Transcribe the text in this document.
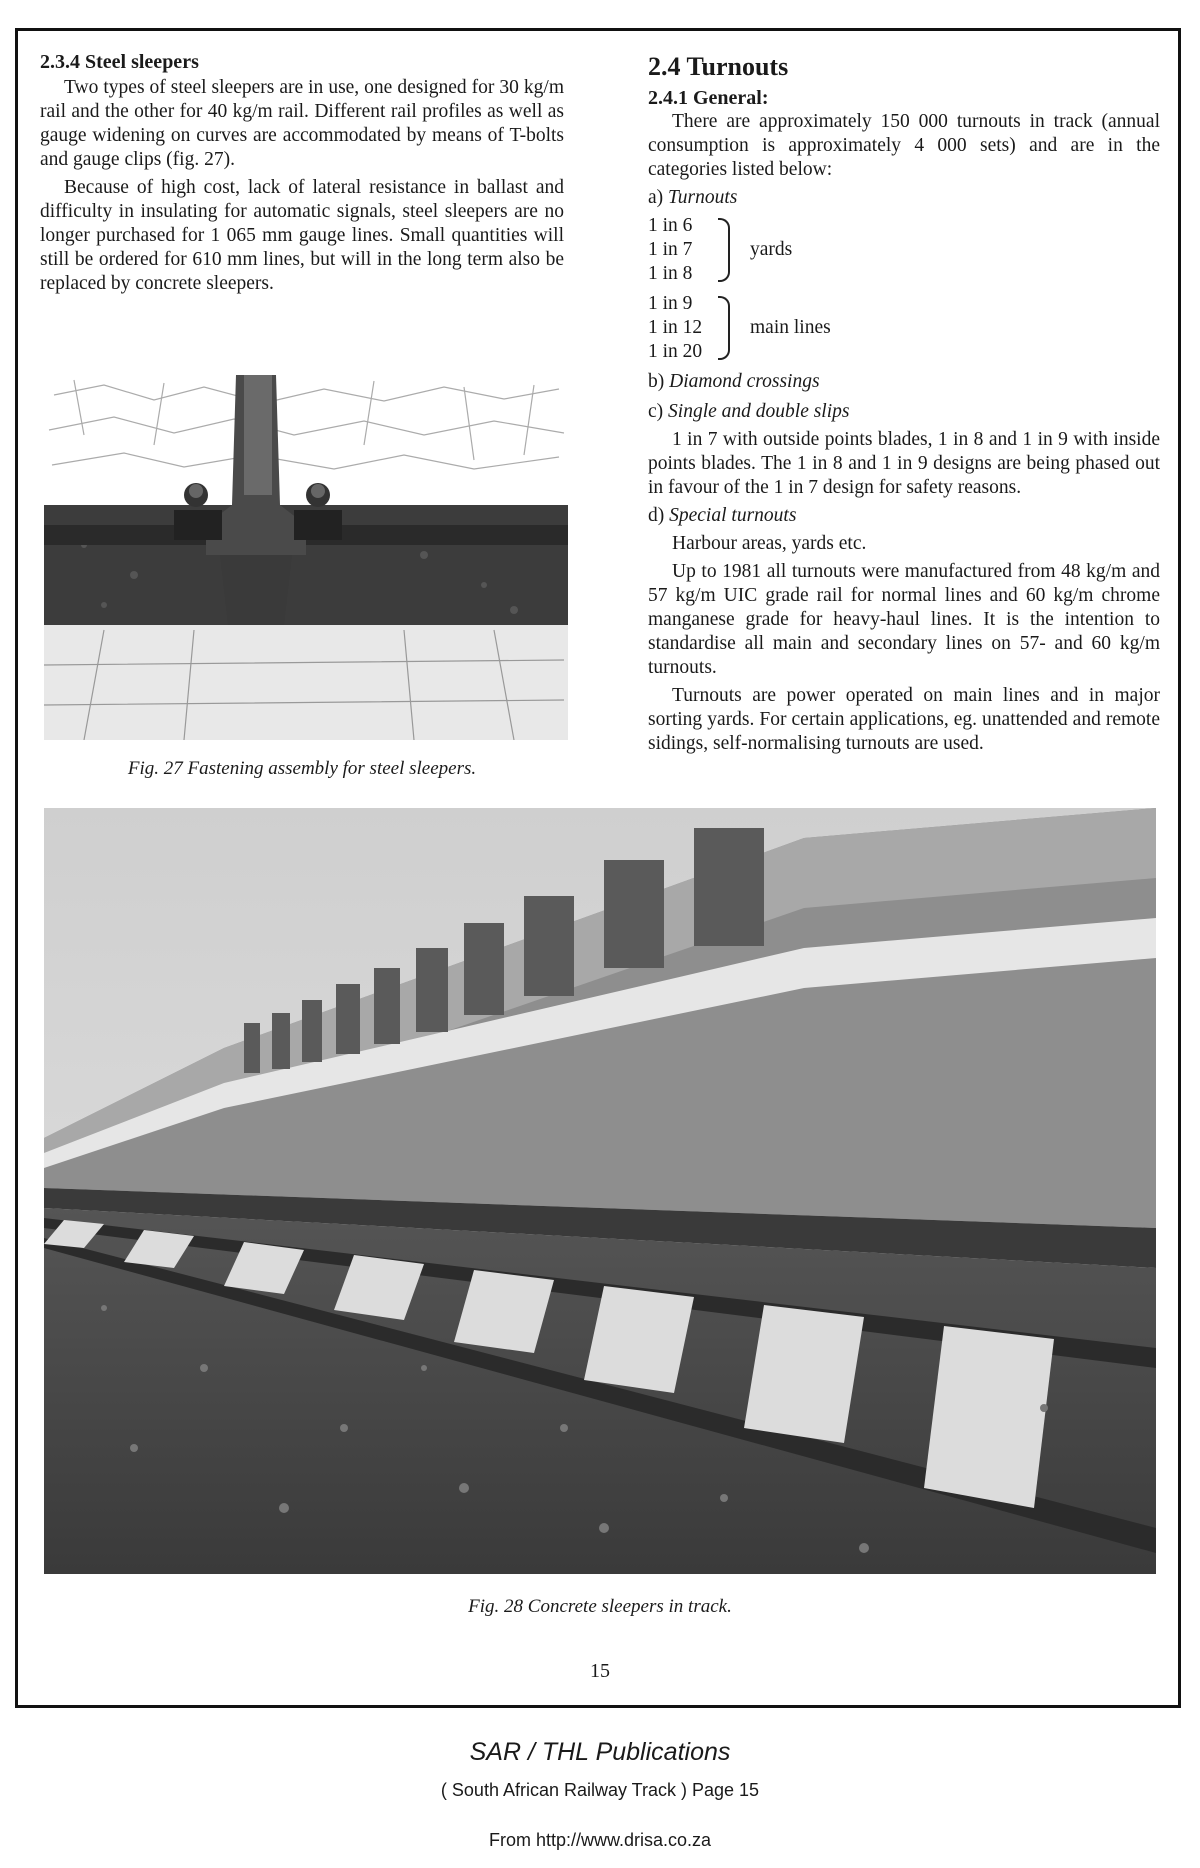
2.3.4 Steel sleepers

Two types of steel sleepers are in use, one designed for 30 kg/m rail and the other for 40 kg/m rail. Different rail profiles as well as gauge widening on curves are accommodated by means of T-bolts and gauge clips (fig. 27).

Because of high cost, lack of lateral resistance in ballast and difficulty in insulating for automatic signals, steel sleepers are no longer purchased for 1 065 mm gauge lines. Small quantities will still be ordered for 610 mm lines, but will in the long term also be replaced by concrete sleepers.

Fig. 27 Fastening assembly for steel sleepers.
2.4 Turnouts
2.4.1 General:

There are approximately 150 000 turnouts in track (annual consumption is approximately 4 000 sets) and are in the categories listed below:

a) Turnouts

1 in 6
1 in 7
1 in 8
yards
1 in 9
1 in 12
1 in 20
main lines

b) Diamond crossings

c) Single and double slips

1 in 7 with outside points blades, 1 in 8 and 1 in 9 with inside points blades. The 1 in 8 and 1 in 9 designs are being phased out in favour of the 1 in 7 design for safety reasons.

d) Special turnouts

Harbour areas, yards etc.

Up to 1981 all turnouts were manufactured from 48 kg/m and 57 kg/m UIC grade rail for normal lines and 60 kg/m chrome manganese grade for heavy-haul lines. It is the intention to standardise all main and secondary lines on 57- and 60 kg/m turnouts.

Turnouts are power operated on main lines and in major sorting yards. For certain applications, eg. unattended and remote sidings, self-normalising turnouts are used.

Fig. 28 Concrete sleepers in track.
15
SAR / THL Publications
( South African Railway Track ) Page 15
From http://www.drisa.co.za
